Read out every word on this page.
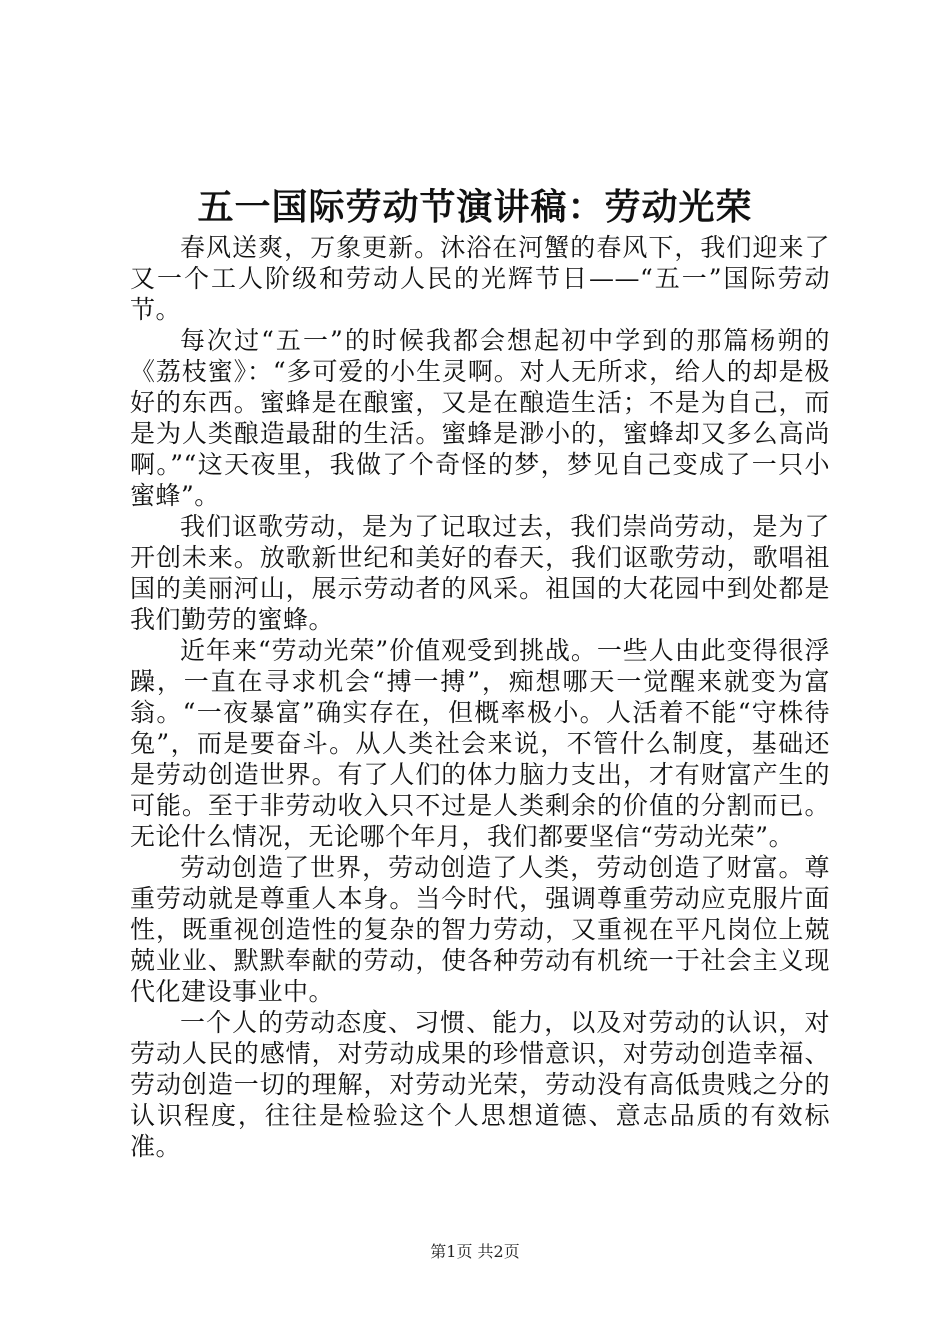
五一国际劳动节演讲稿：劳动光荣

春风送爽，万象更新。沐浴在河蟹的春风下，我们迎来了又一个工人阶级和劳动人民的光辉节日——“五一”国际劳动节。

每次过“五一”的时候我都会想起初中学到的那篇杨朔的《荔枝蜜》：“多可爱的小生灵啊。对人无所求，给人的却是极好的东西。蜜蜂是在酿蜜，又是在酿造生活；不是为自己，而是为人类酿造最甜的生活。蜜蜂是渺小的，蜜蜂却又多么高尚啊。”“这天夜里，我做了个奇怪的梦，梦见自己变成了一只小蜜蜂”。

我们讴歌劳动，是为了记取过去，我们崇尚劳动，是为了开创未来。放歌新世纪和美好的春天，我们讴歌劳动，歌唱祖国的美丽河山，展示劳动者的风采。祖国的大花园中到处都是我们勤劳的蜜蜂。

近年来“劳动光荣”价值观受到挑战。一些人由此变得很浮躁，一直在寻求机会“搏一搏”，痴想哪天一觉醒来就变为富翁。“一夜暴富”确实存在，但概率极小。人活着不能“守株待兔”，而是要奋斗。从人类社会来说，不管什么制度，基础还是劳动创造世界。有了人们的体力脑力支出，才有财富产生的可能。至于非劳动收入只不过是人类剩余的价值的分割而已。无论什么情况，无论哪个年月，我们都要坚信“劳动光荣”。

劳动创造了世界，劳动创造了人类，劳动创造了财富。尊重劳动就是尊重人本身。当今时代，强调尊重劳动应克服片面性，既重视创造性的复杂的智力劳动，又重视在平凡岗位上兢兢业业、默默奉献的劳动，使各种劳动有机统一于社会主义现代化建设事业中。

一个人的劳动态度、习惯、能力，以及对劳动的认识，对劳动人民的感情，对劳动成果的珍惜意识，对劳动创造幸福、劳动创造一切的理解，对劳动光荣，劳动没有高低贵贱之分的认识程度，往往是检验这个人思想道德、意志品质的有效标准。

第1页 共2页
